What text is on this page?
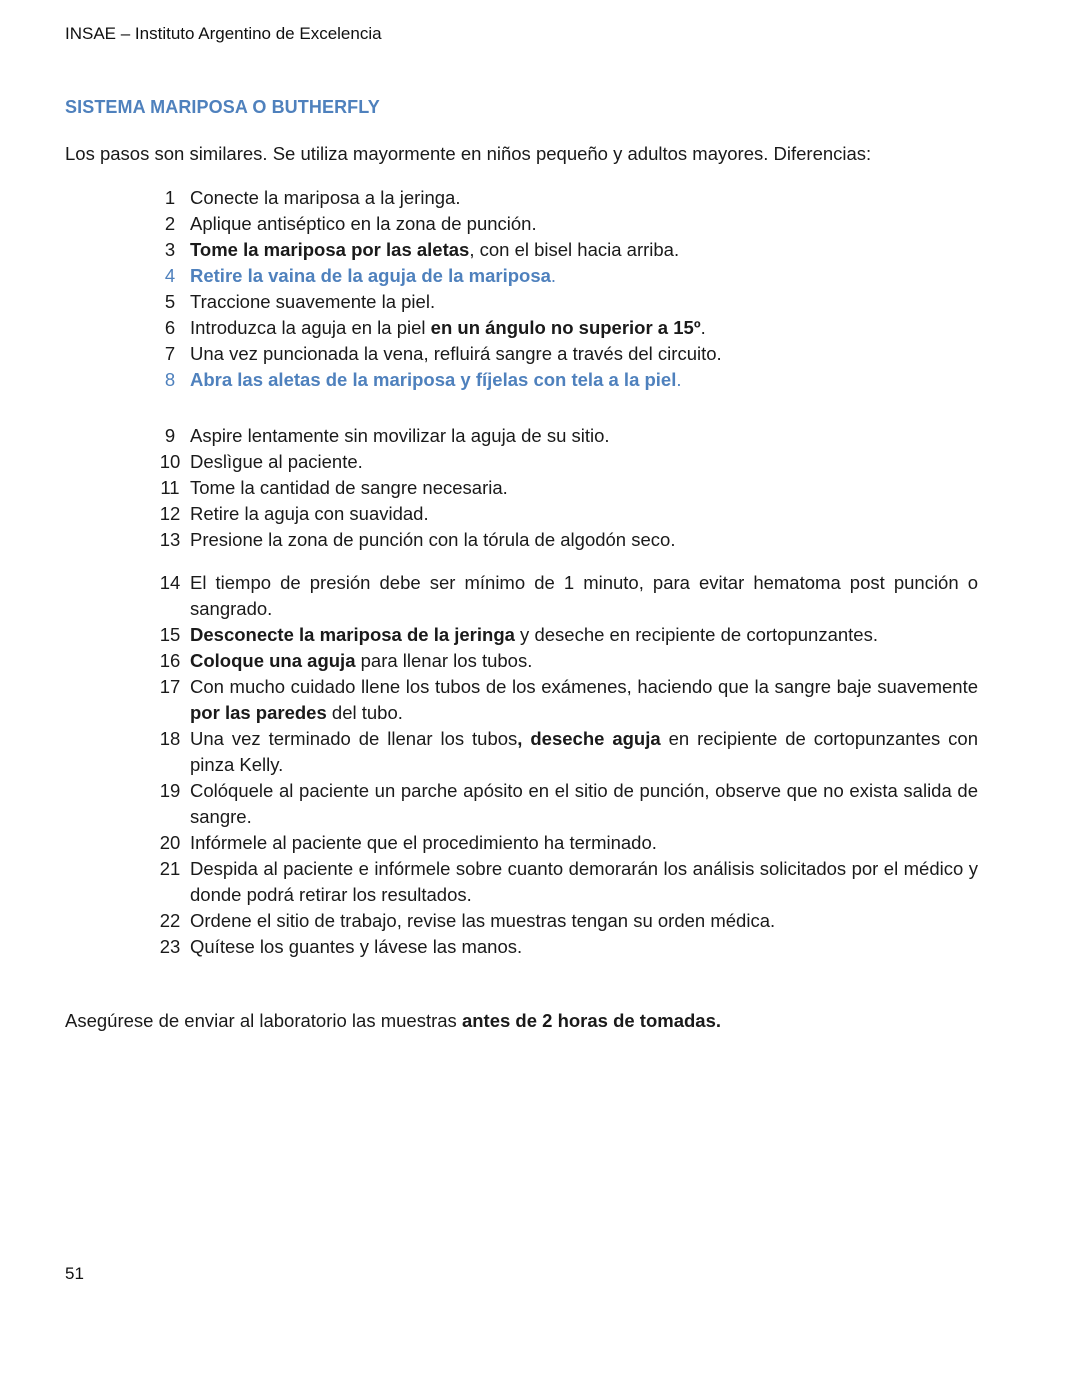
INSAE – Instituto Argentino de Excelencia
SISTEMA MARIPOSA O BUTHERFLY
Los pasos son similares. Se utiliza mayormente en niños pequeño y adultos mayores. Diferencias:
1 Conecte la mariposa a la jeringa.
2 Aplique antiséptico en la zona de punción.
3 Tome la mariposa por las aletas, con el bisel hacia arriba.
4 Retire la vaina de la aguja de la mariposa.
5 Traccione suavemente la piel.
6 Introduzca la aguja en la piel en un ángulo no superior a 15º.
7 Una vez puncionada la vena, refluirá sangre a través del circuito.
8 Abra las aletas de la mariposa y fíjelas con tela a la piel.
9 Aspire lentamente sin movilizar la aguja de su sitio.
10 Deslìgue al paciente.
11 Tome la cantidad de sangre necesaria.
12 Retire la aguja con suavidad.
13 Presione la zona de punción con la tórula de algodón seco.
14 El tiempo de presión debe ser mínimo de 1 minuto, para evitar hematoma post punción o sangrado.
15 Desconecte la mariposa de la jeringa y deseche en recipiente de cortopunzantes.
16 Coloque una aguja para llenar los tubos.
17 Con mucho cuidado llene los tubos de los exámenes, haciendo que la sangre baje suavemente por las paredes del tubo.
18 Una vez terminado de llenar los tubos, deseche aguja en recipiente de cortopunzantes con pinza Kelly.
19 Colóquele al paciente un parche apósito en el sitio de punción, observe que no exista salida de sangre.
20 Infórmele al paciente que el procedimiento ha terminado.
21 Despida al paciente e infórmele sobre cuanto demorarán los análisis solicitados por el médico y donde podrá retirar los resultados.
22 Ordene el sitio de trabajo, revise las muestras tengan su orden médica.
23 Quítese los guantes y lávese las manos.
Asegúrese de enviar al laboratorio las muestras antes de 2 horas de tomadas.
51
